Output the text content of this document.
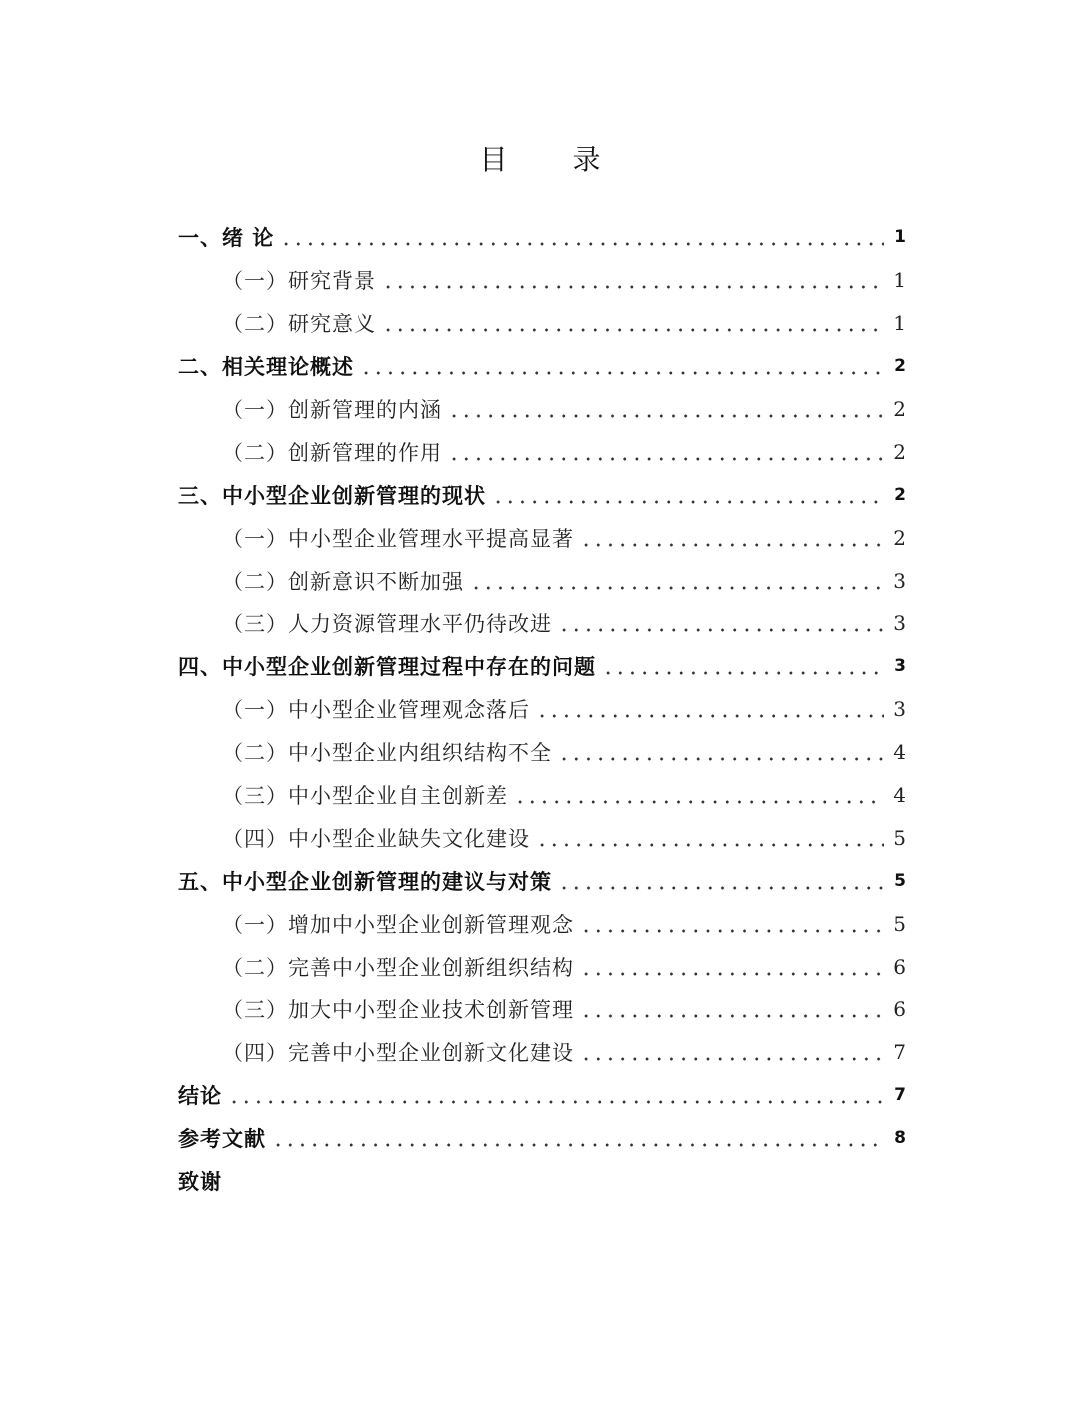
目 录
一、绪 论	1
（一）研究背景	1
（二）研究意义	1
二、相关理论概述	2
（一）创新管理的内涵	2
（二）创新管理的作用	2
三、中小型企业创新管理的现状	2
（一）中小型企业管理水平提高显著	2
（二）创新意识不断加强	3
（三）人力资源管理水平仍待改进	3
四、中小型企业创新管理过程中存在的问题	3
（一）中小型企业管理观念落后	3
（二）中小型企业内组织结构不全	4
（三）中小型企业自主创新差	4
（四）中小型企业缺失文化建设	5
五、中小型企业创新管理的建议与对策	5
（一）增加中小型企业创新管理观念	5
（二）完善中小型企业创新组织结构	6
（三）加大中小型企业技术创新管理	6
（四）完善中小型企业创新文化建设	7
结论	7
参考文献	8
致谢
